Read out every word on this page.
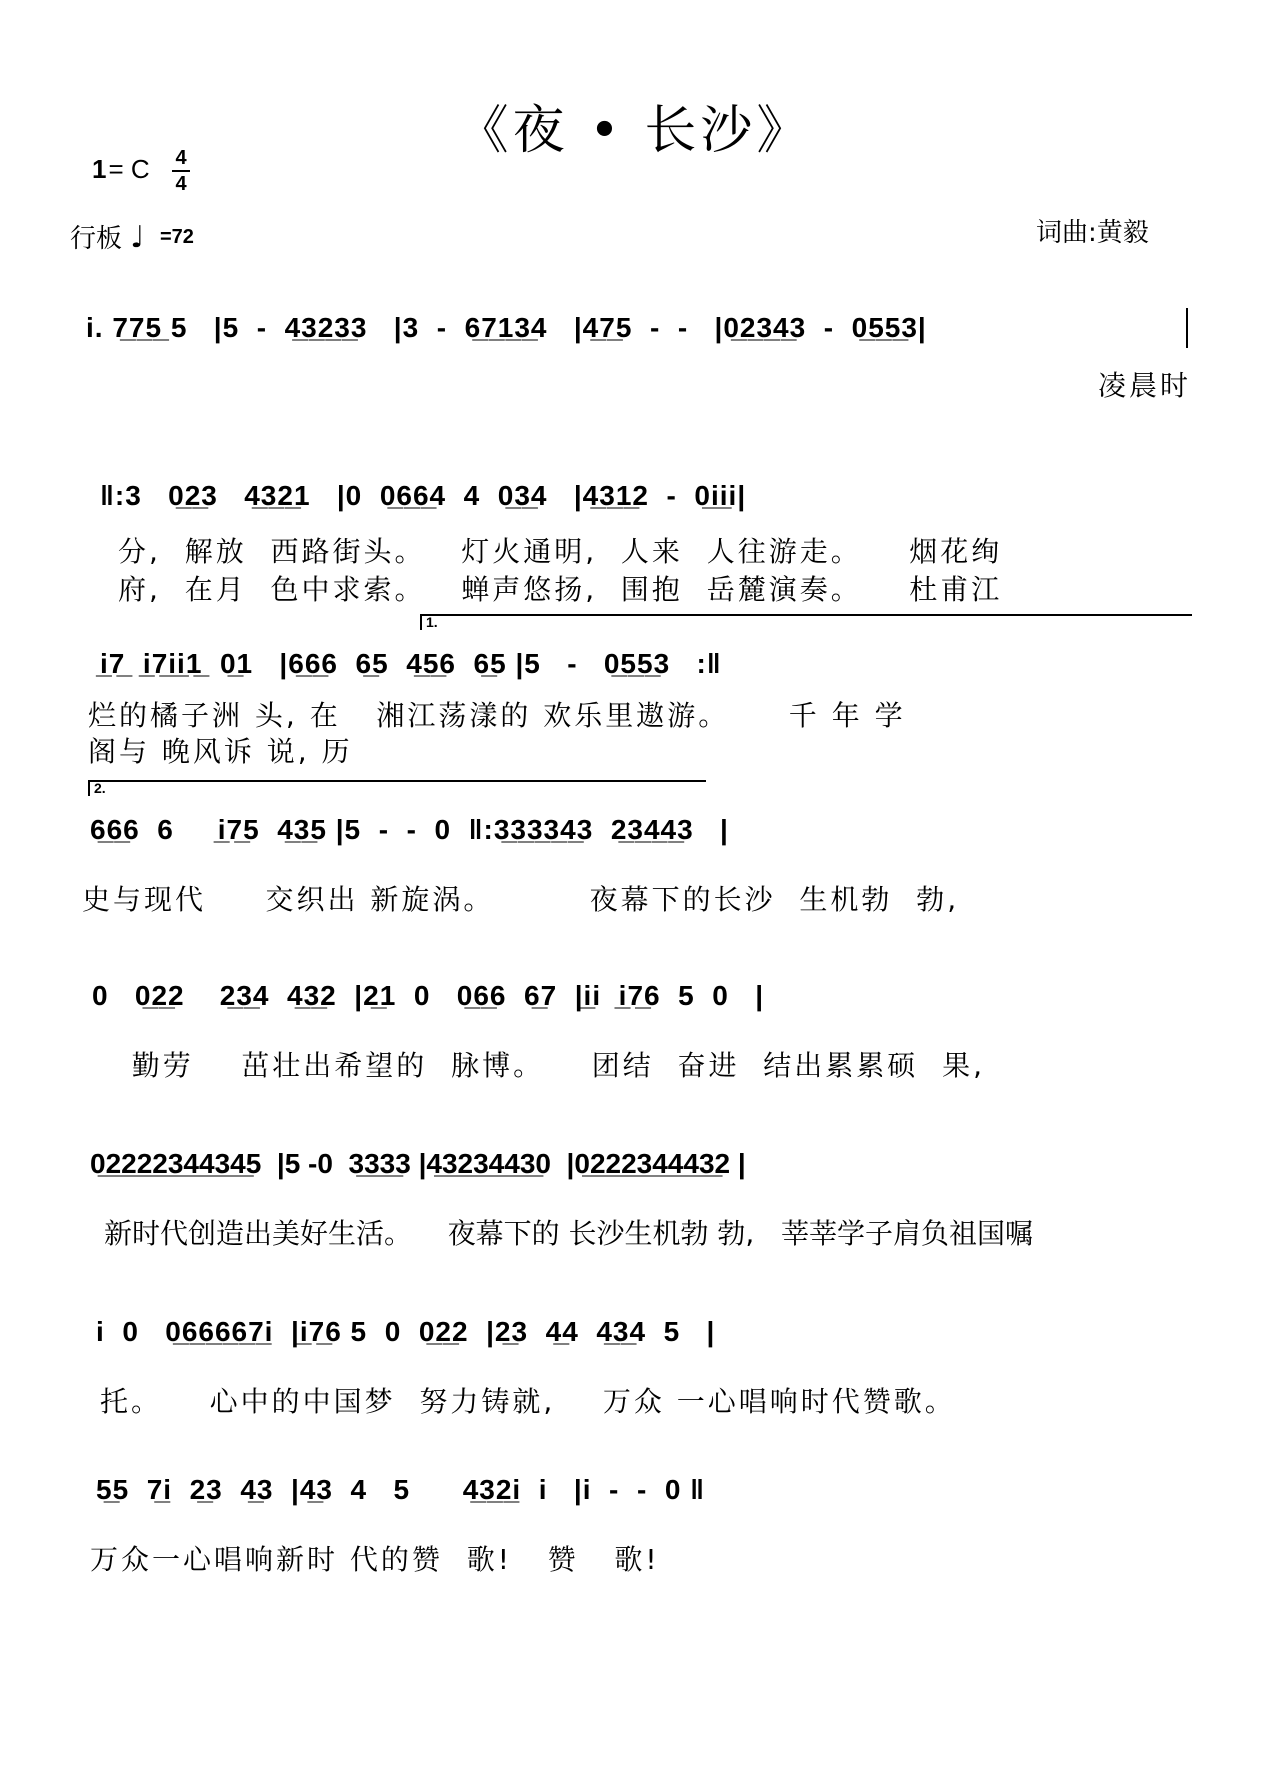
《夜 • 长沙》
1= C	4
4
行板 ♩ =72	词曲:黄毅
i. 7̲7̲5̲ 5   |5  -  4̲3̲2̲3̲3   |3  -  6̲7̲1̲3̲4   |4̲7̲5  -  -   |0̲2̲3̲4̲3  -  0̲5̲5̲3|
凌晨时
‖:3   0̲2̲3   4̲3̲2̲1   |0  0̲6̲6̲4  4  0̲3̲4   |4̲3̲1̲2  -  0̲i̲i̲i|
分,  解放  西路街头。   灯火通明,  人来  人往游走。    烟花绚
府,  在月  色中求索。   蝉声悠扬,  围抱  岳麓演奏。    杜甫江
1.
i̲7̲  i̲7̲i̲i̲1̲  0̲1   |6̲6̲6  6̲5  4̲5̲6  6̲5 |5   -   0̲5̲5̲3   :‖
烂的橘子洲 头, 在   湘江荡漾的 欢乐里遨游。     千 年 学
阁与 晚风诉 说, 历
2.
6̲6̲6  6     i̲7̲5  4̲3̲5 |5  -  -  0  ‖:3̲3̲3̲3̲4̲3  2̲3̲4̲4̲3   |
史与现代     交织出 新旋涡。        夜幕下的长沙  生机勃  勃,
0   0̲2̲2    2̲3̲4  4̲3̲2  |2̲1  0   0̲6̲6  6̲7  |i̲i  i̲7̲6  5  0   |
勤劳    茁壮出希望的  脉博。    团结  奋进  结出累累硕  果,
0̲2̲2̲2̲2̲3̲4̲4̲3̲4̲5  |5 -0  3̲3̲3̲3 |4̲3̲2̲3̲4̲4̲3̲0  |0̲2̲2̲2̲3̲4̲4̲4̲3̲2 |
新时代创造出美好生活。    夜幕下的 长沙生机勃 勃,   莘莘学子肩负祖国嘱
i  0   0̲6̲6̲6̲6̲7̲i  |i̲7̲6 5  0  0̲2̲2  |2̲3  4̲4  4̲3̲4  5   |
托。    心中的中国梦  努力铸就,    万众 一心唱响时代赞歌。
5̲5  7̲i  2̲3  4̲3  |4̲3  4   5      4̲3̲2̲i  i   |i  -  -  0 ‖
万众一心唱响新时 代的赞  歌!   赞   歌!
